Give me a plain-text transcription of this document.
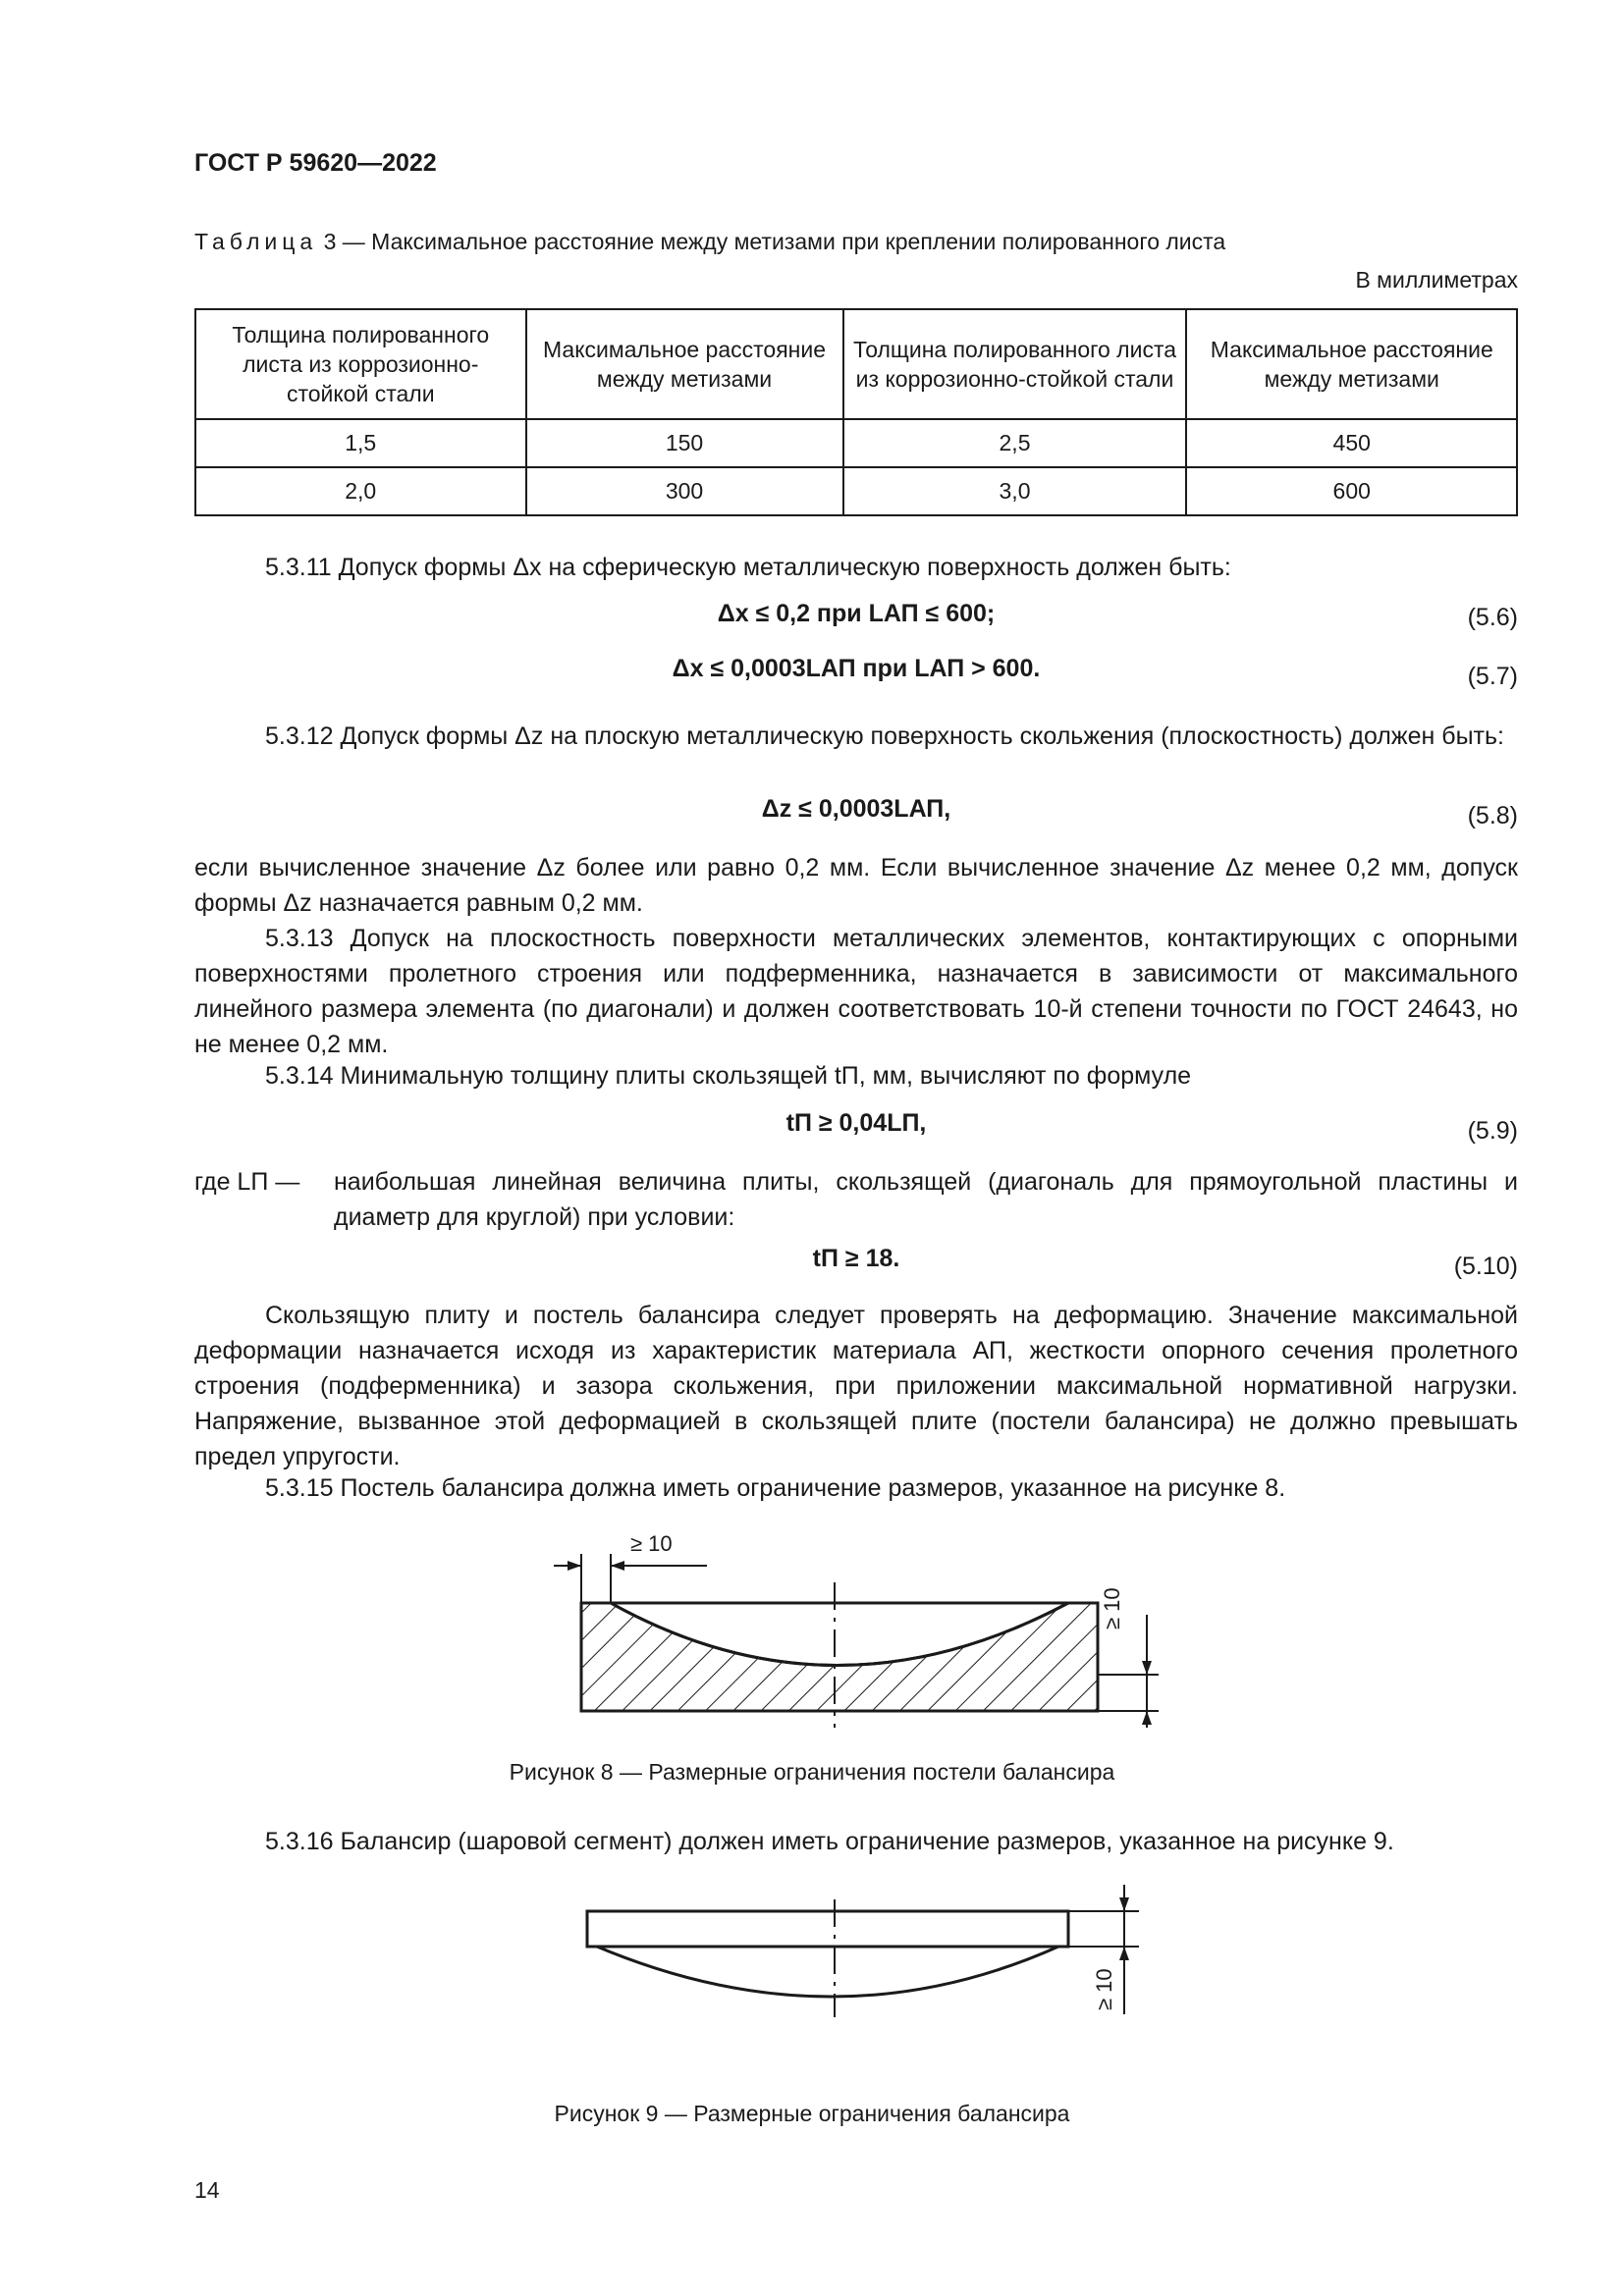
ГОСТ Р 59620—2022
Таблица 3 — Максимальное расстояние между метизами при креплении полированного листа
В миллиметрах
Толщина полированного листа из коррозионно-стойкой стали	Максимальное расстояние между метизами	Толщина полированного листа из коррозионно-стойкой стали	Максимальное расстояние между метизами
1,5	150	2,5	450
2,0	300	3,0	600
5.3.11 Допуск формы Δx на сферическую металлическую поверхность должен быть:
Δx ≤ 0,2 при LАП ≤ 600;	(5.6)
Δx ≤ 0,0003LАП при LАП > 600.	(5.7)
5.3.12 Допуск формы Δz на плоскую металлическую поверхность скольжения (плоскостность) должен быть:
Δz ≤ 0,0003LАП,	(5.8)
если вычисленное значение Δz более или равно 0,2 мм. Если вычисленное значение Δz менее 0,2 мм, допуск формы Δz назначается равным 0,2 мм.
5.3.13 Допуск на плоскостность поверхности металлических элементов, контактирующих с опорными поверхностями пролетного строения или подферменника, назначается в зависимости от максимального линейного размера элемента (по диагонали) и должен соответствовать 10-й степени точности по ГОСТ 24643, но не менее 0,2 мм.
5.3.14 Минимальную толщину плиты скользящей tП, мм, вычисляют по формуле
tП ≥ 0,04LП,	(5.9)
где LП —	наибольшая линейная величина плиты, скользящей (диагональ для прямоугольной пластины и диаметр для круглой) при условии:
tП ≥ 18.	(5.10)
Скользящую плиту и постель балансира следует проверять на деформацию. Значение максимальной деформации назначается исходя из характеристик материала АП, жесткости опорного сечения пролетного строения (подферменника) и зазора скольжения, при приложении максимальной нормативной нагрузки. Напряжение, вызванное этой деформацией в скользящей плите (постели балансира) не должно превышать предел упругости.
5.3.15 Постель балансира должна иметь ограничение размеров, указанное на рисунке 8.
≥ 10
≥ 10
Рисунок 8 — Размерные ограничения постели балансира
5.3.16 Балансир (шаровой сегмент) должен иметь ограничение размеров, указанное на рисунке 9.
≥ 10
Рисунок 9 — Размерные ограничения балансира
14
